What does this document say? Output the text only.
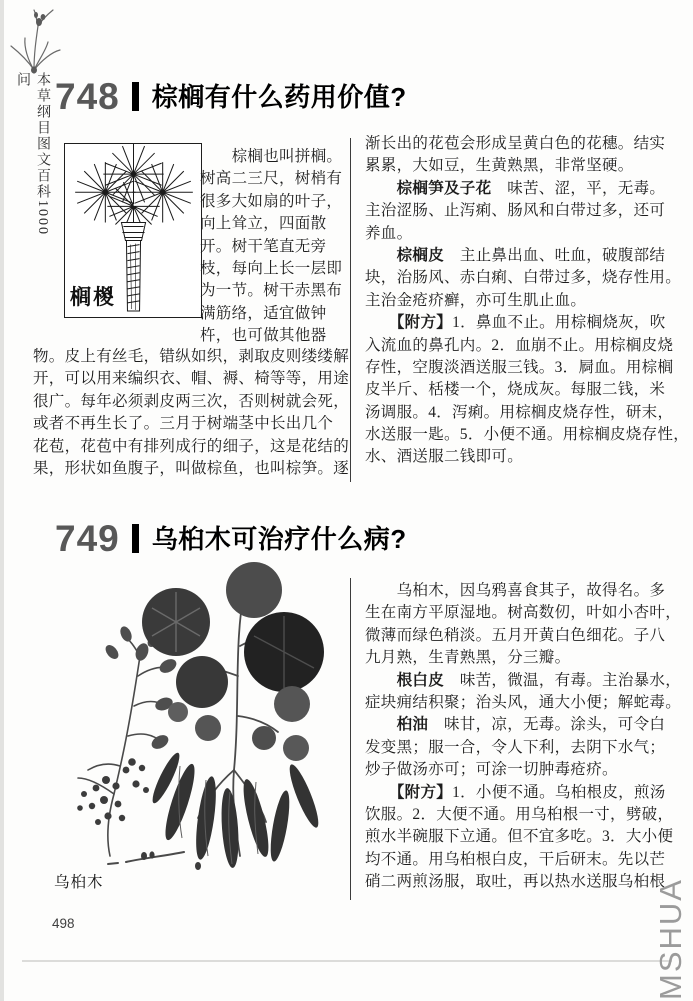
本草纲目图文百科1000问 748 棕榈有什么药用价值?
榈椶
　　棕榈也叫拼榈。
树高二三尺，树梢有
很多大如扇的叶子，
向上耸立，四面散
开。树干笔直无旁
枝，每向上长一层即
为一节。树干赤黑布
满筋络，适宜做钟
杵，也可做其他器
物。皮上有丝毛，错纵如织，剥取皮则缕缕解
开，可以用来编织衣、帽、褥、椅等等，用途
很广。每年必须剥皮两三次，否则树就会死，
或者不再生长了。三月于树端茎中长出几个
花苞，花苞中有排列成行的细子，这是花结的
果，形状如鱼腹子，叫做棕鱼，也叫棕笋。逐
渐长出的花苞会形成呈黄白色的花穗。结实
累累，大如豆，生黄熟黑，非常坚硬。
　　棕榈笋及子花　味苦、涩，平，无毒。
主治涩肠、止泻痢、肠风和白带过多，还可
养血。
　　棕榈皮　主止鼻出血、吐血，破腹部结
块，治肠风、赤白痢、白带过多，烧存性用。
主治金疮疥癣，亦可生肌止血。
　　【附方】1．鼻血不止。用棕榈烧灰，吹
入流血的鼻孔内。2．血崩不止。用棕榈皮烧
存性，空腹淡酒送服三钱。3．屙血。用棕榈
皮半斤、栝楼一个，烧成灰。每服二钱，米
汤调服。4．泻痢。用棕榈皮烧存性，研末，
水送服一匙。5．小便不通。用棕榈皮烧存性，
水、酒送服二钱即可。
749 乌桕木可治疗什么病?
乌桕木
　　乌桕木，因乌鸦喜食其子，故得名。多
生在南方平原湿地。树高数仞，叶如小杏叶，
微薄而绿色稍淡。五月开黄白色细花。子八
九月熟，生青熟黑，分三瓣。
　　根白皮　味苦，微温，有毒。主治暴水，
症块痈结积聚；治头风，通大小便；解蛇毒。
　　桕油　味甘，凉，无毒。涂头，可令白
发变黑；服一合，令人下利，去阴下水气；
炒子做汤亦可；可涂一切肿毒疮疥。
　　【附方】1．小便不通。乌桕根皮，煎汤
饮服。2．大便不通。用乌桕根一寸，劈破，
煎水半碗服下立通。但不宜多吃。3．大小便
均不通。用乌桕根白皮，干后研末。先以芒
硝二两煎汤服，取吐，再以热水送服乌桕根
498	MSHUA
